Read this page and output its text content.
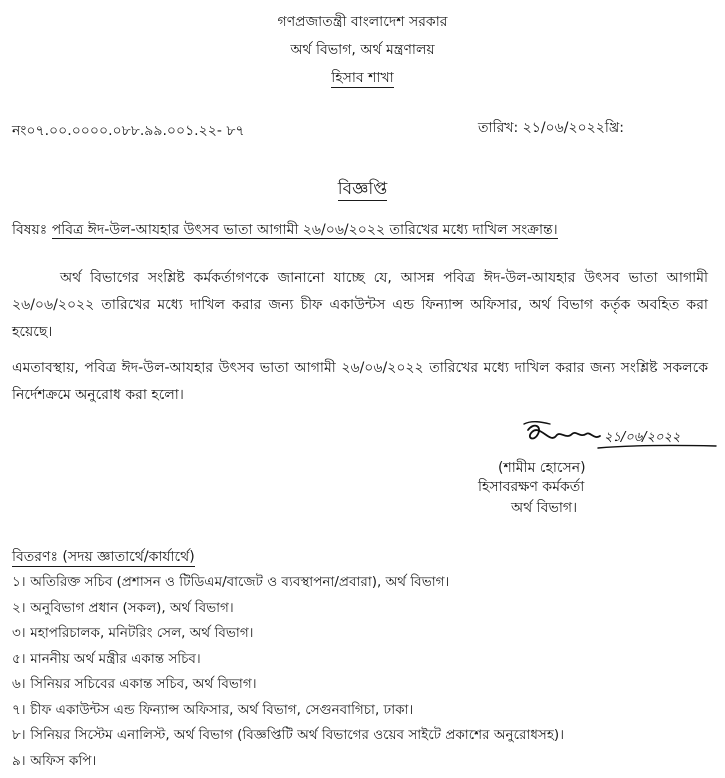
গণপ্রজাতন্ত্রী বাংলাদেশ সরকার
অর্থ বিভাগ, অর্থ মন্ত্রণালয়
হিসাব শাখা
নং০৭.০০.০০০০.০৮৮.৯৯.০০১.২২- ৮৭	তারিখ: ২১/০৬/২০২২খ্রি:
বিজ্ঞপ্তি
বিষয়ঃ পবিত্র ঈদ-উল-আযহার উৎসব ভাতা আগামী ২৬/০৬/২০২২ তারিখের মধ্যে দাখিল সংক্রান্ত।
অর্থ বিভাগের সংশ্লিষ্ট কর্মকর্তাগণকে জানানো যাচ্ছে যে, আসন্ন পবিত্র ঈদ-উল-আযহার উৎসব ভাতা আগামী ২৬/০৬/২০২২ তারিখের মধ্যে দাখিল করার জন্য চীফ একাউন্টস এন্ড ফিন্যান্স অফিসার, অর্থ বিভাগ কর্তৃক অবহিত করা হয়েছে।
এমতাবস্থায়, পবিত্র ঈদ-উল-আযহার উৎসব ভাতা আগামী ২৬/০৬/২০২২ তারিখের মধ্যে দাখিল করার জন্য সংশ্লিষ্ট সকলকে নির্দেশক্রমে অনুরোধ করা হলো।
২১/০৬/২০২২
(শামীম হোসেন)
হিসাবরক্ষণ কর্মকর্তা
অর্থ বিভাগ।
বিতরণঃ (সদয় জ্ঞাতার্থে/কার্যার্থে)
১। অতিরিক্ত সচিব (প্রশাসন ও টিডিএম/বাজেট ও ব্যবস্থাপনা/প্রবারা), অর্থ বিভাগ।
২। অনুবিভাগ প্রধান (সকল), অর্থ বিভাগ।
৩। মহাপরিচালক, মনিটরিং সেল, অর্থ বিভাগ।
৫। মাননীয় অর্থ মন্ত্রীর একান্ত সচিব।
৬। সিনিয়র সচিবের একান্ত সচিব, অর্থ বিভাগ।
৭। চীফ একাউন্টস এন্ড ফিন্যান্স অফিসার, অর্থ বিভাগ, সেগুনবাগিচা, ঢাকা।
৮। সিনিয়র সিস্টেম এনালিস্ট, অর্থ বিভাগ (বিজ্ঞপ্তিটি অর্থ বিভাগের ওয়েব সাইটে প্রকাশের অনুরোধসহ)।
৯। অফিস কপি।
